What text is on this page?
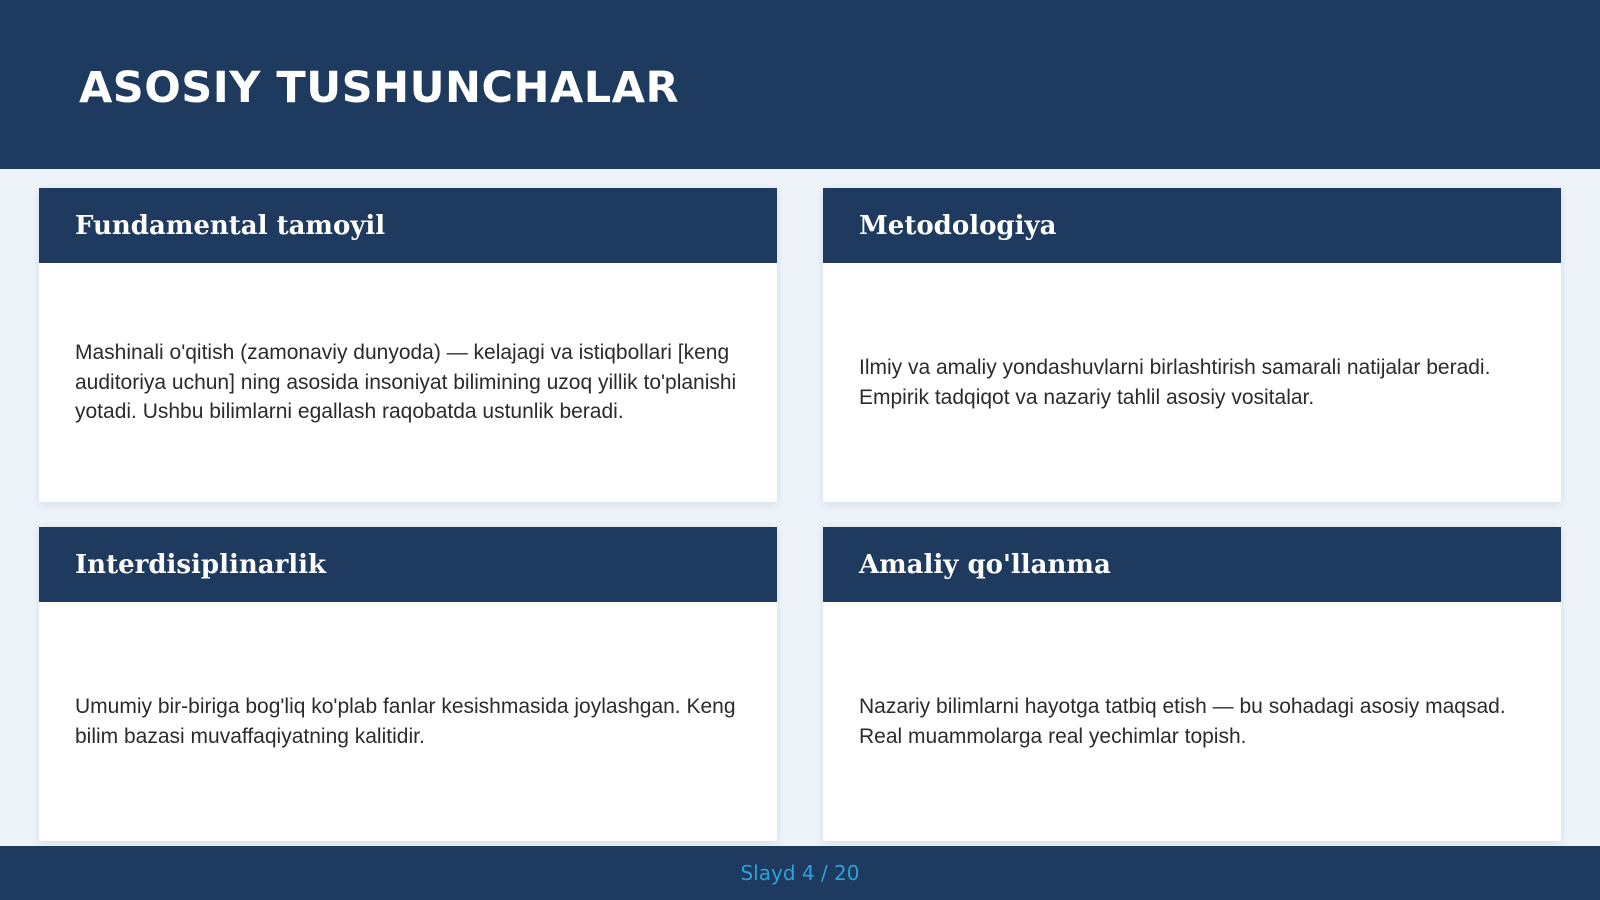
ASOSIY TUSHUNCHALAR
Fundamental tamoyil

Mashinali o'qitish (zamonaviy dunyoda) — kelajagi va istiqbollari [keng auditoriya uchun] ning asosida insoniyat bilimining uzoq yillik to'planishi yotadi. Ushbu bilimlarni egallash raqobatda ustunlik beradi.

Metodologiya

Ilmiy va amaliy yondashuvlarni birlashtirish samarali natijalar beradi. Empirik tadqiqot va nazariy tahlil asosiy vositalar.

Interdisiplinarlik

Umumiy bir-biriga bog'liq ko'plab fanlar kesishmasida joylashgan. Keng bilim bazasi muvaffaqiyatning kalitidir.

Amaliy qo'llanma

Nazariy bilimlarni hayotga tatbiq etish — bu sohadagi asosiy maqsad. Real muammolarga real yechimlar topish.

Slayd 4 / 20
